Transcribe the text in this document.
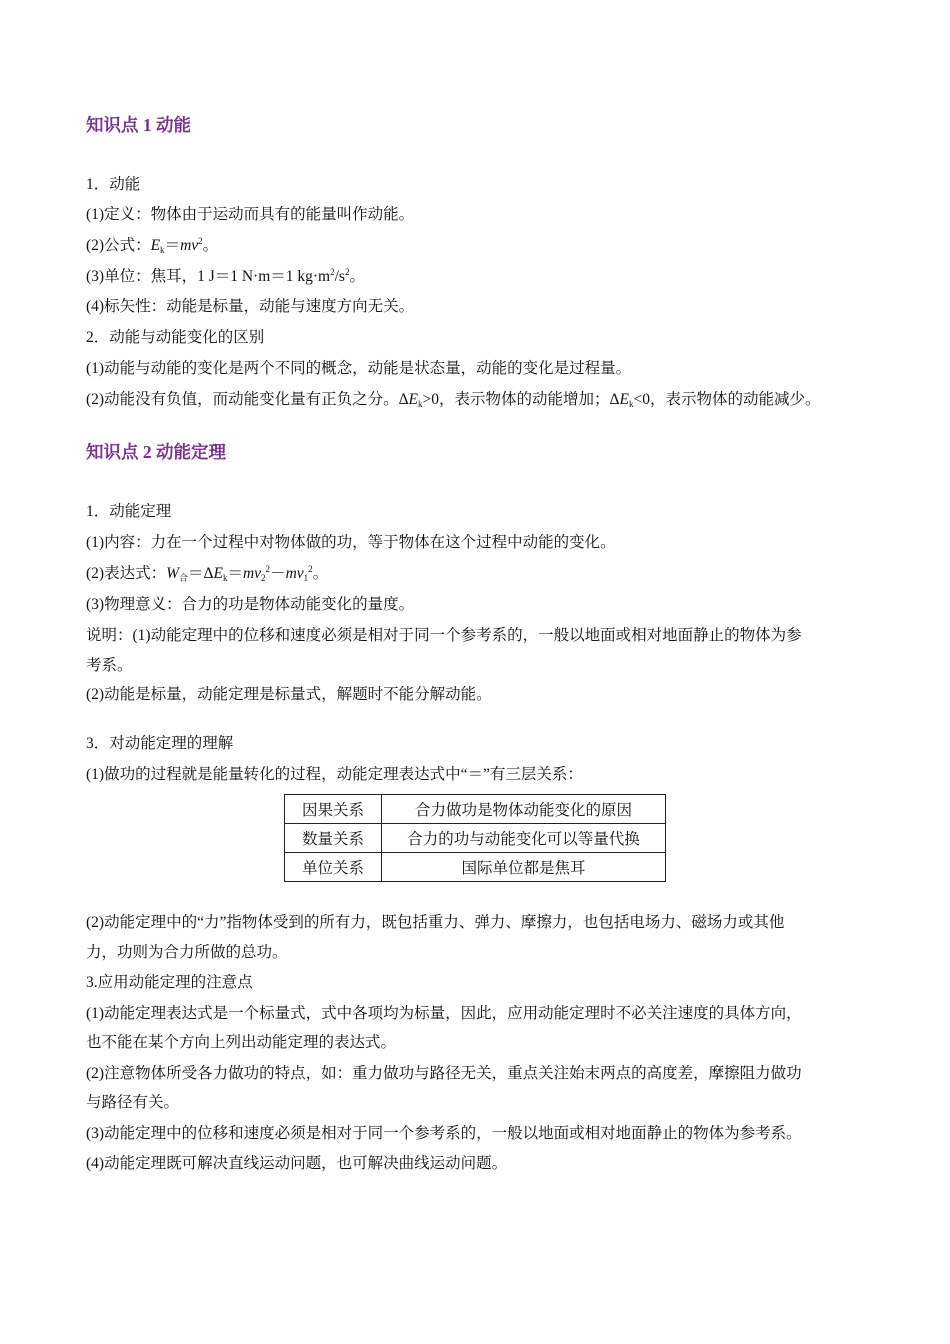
知识点 1 动能
1．动能
(1)定义：物体由于运动而具有的能量叫作动能。
(2)公式：$E_k=mv^2$。
(3)单位：焦耳，1 J＝1 N·m＝1 $kg\cdot m^2/s^2$。
(4)标矢性：动能是标量，动能与速度方向无关。
2．动能与动能变化的区别
(1)动能与动能的变化是两个不同的概念，动能是状态量，动能的变化是过程量。
(2)动能没有负值，而动能变化量有正负之分。$\Delta E_k>0$，表示物体的动能增加；$\Delta E_k<0$，表示物体的动能减少。
知识点 2 动能定理
1．动能定理
(1)内容：力在一个过程中对物体做的功，等于物体在这个过程中动能的变化。
(2)表达式：$W_合=\Delta E_k=mv_2^2-mv_1^2$。
(3)物理意义：合力的功是物体动能变化的量度。
说明：(1)动能定理中的位移和速度必须是相对于同一个参考系的，一般以地面或相对地面静止的物体为参
考系。
(2)动能是标量，动能定理是标量式，解题时不能分解动能。
3．对动能定理的理解
(1)做功的过程就是能量转化的过程，动能定理表达式中“＝”有三层关系：
因果关系	合力做功是物体动能变化的原因
数量关系	合力的功与动能变化可以等量代换
单位关系	国际单位都是焦耳
(2)动能定理中的“力”指物体受到的所有力，既包括重力、弹力、摩擦力，也包括电场力、磁场力或其他
力，功则为合力所做的总功。
3.应用动能定理的注意点
(1)动能定理表达式是一个标量式，式中各项均为标量，因此，应用动能定理时不必关注速度的具体方向，
也不能在某个方向上列出动能定理的表达式。
(2)注意物体所受各力做功的特点，如：重力做功与路径无关，重点关注始末两点的高度差，摩擦阻力做功
与路径有关。
(3)动能定理中的位移和速度必须是相对于同一个参考系的，一般以地面或相对地面静止的物体为参考系。
(4)动能定理既可解决直线运动问题，也可解决曲线运动问题。
